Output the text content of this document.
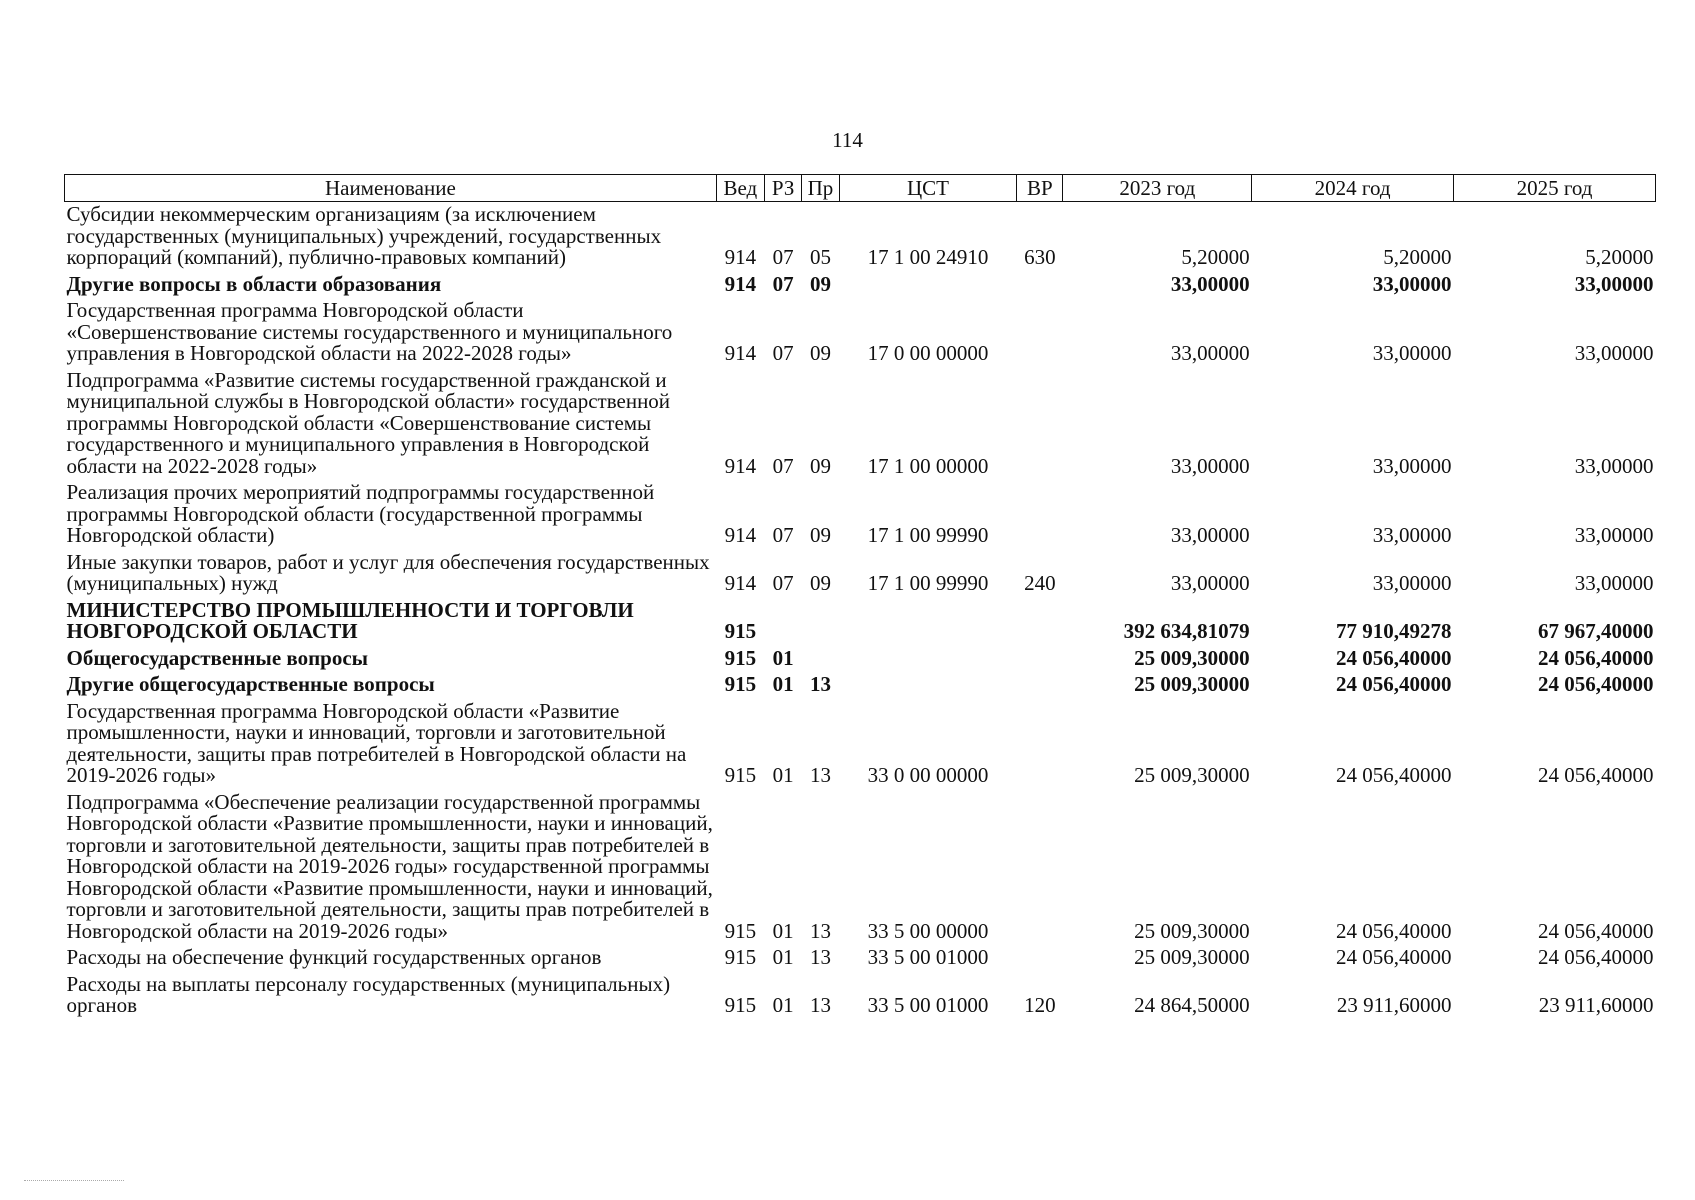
114
Наименование	Вед	РЗ	Пр	ЦСТ	ВР	2023 год	2024 год	2025 год
Субсидии некоммерческим организациям (за исключением государственных (муниципальных) учреждений, государственных корпораций (компаний), публично-правовых компаний)	914	07	05	17 1 00 24910	630	5,20000	5,20000	5,20000
Другие вопросы в области образования	914	07	09			33,00000	33,00000	33,00000
Государственная программа Новгородской области «Совершенствование системы государственного и муниципального управления в Новгородской области на 2022-2028 годы»	914	07	09	17 0 00 00000		33,00000	33,00000	33,00000
Подпрограмма «Развитие системы государственной гражданской и муниципальной службы в Новгородской области» государственной программы Новгородской области «Совершенствование системы государственного и муниципального управления в Новгородской области на 2022-2028 годы»	914	07	09	17 1 00 00000		33,00000	33,00000	33,00000
Реализация прочих мероприятий подпрограммы государственной программы Новгородской области (государственной программы Новгородской области)	914	07	09	17 1 00 99990		33,00000	33,00000	33,00000
Иные закупки товаров, работ и услуг для обеспечения государственных (муниципальных) нужд	914	07	09	17 1 00 99990	240	33,00000	33,00000	33,00000
МИНИСТЕРСТВО ПРОМЫШЛЕННОСТИ И ТОРГОВЛИ НОВГОРОДСКОЙ ОБЛАСТИ	915					392 634,81079	77 910,49278	67 967,40000
Общегосударственные вопросы	915	01				25 009,30000	24 056,40000	24 056,40000
Другие общегосударственные вопросы	915	01	13			25 009,30000	24 056,40000	24 056,40000
Государственная программа Новгородской области «Развитие промышленности, науки и инноваций, торговли и заготовительной деятельности, защиты прав потребителей в Новгородской области на 2019-2026 годы»	915	01	13	33 0 00 00000		25 009,30000	24 056,40000	24 056,40000
Подпрограмма «Обеспечение реализации государственной программы Новгородской области «Развитие промышленности, науки и инноваций, торговли и заготовительной деятельности, защиты прав потребителей в Новгородской области на 2019-2026 годы» государственной программы Новгородской области «Развитие промышленности, науки и инноваций, торговли и заготовительной деятельности, защиты прав потребителей в Новгородской области на 2019-2026 годы»	915	01	13	33 5 00 00000		25 009,30000	24 056,40000	24 056,40000
Расходы на обеспечение функций государственных органов	915	01	13	33 5 00 01000		25 009,30000	24 056,40000	24 056,40000
Расходы на выплаты персоналу государственных (муниципальных) органов	915	01	13	33 5 00 01000	120	24 864,50000	23 911,60000	23 911,60000
